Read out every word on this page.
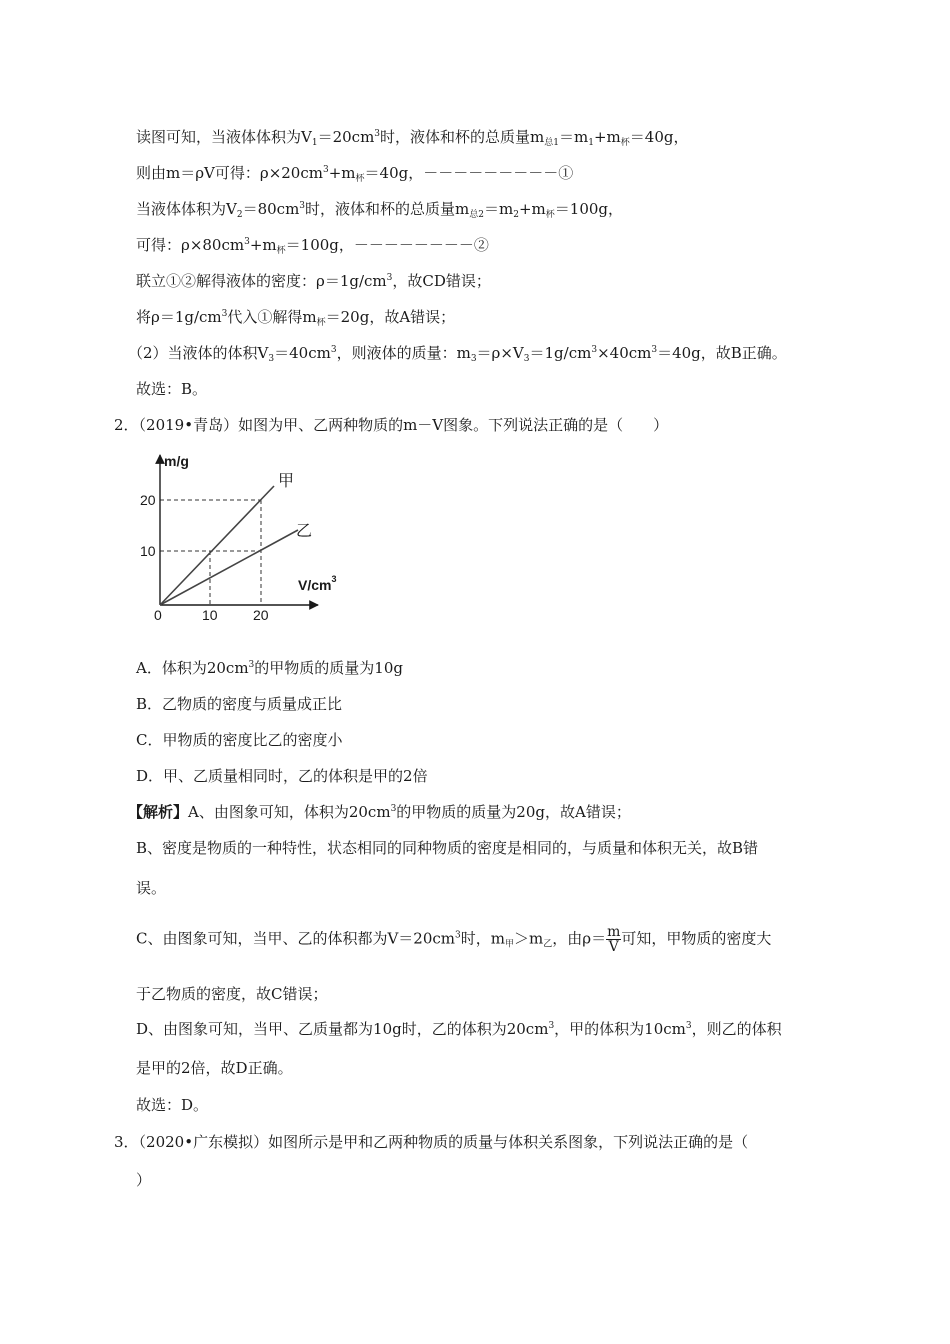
读图可知，当液体体积为$V_1=20cm^3$时，液体和杯的总质量$m_{总1}=m_1+m_杯=40g$，
则由m＝ρV可得：$\rho\times 20cm^3+m_杯=40g$，－－－－－－－－－①
当液体体积为$V_2=80cm^3$时，液体和杯的总质量$m_{总2}=m_2+m_杯=100g$，
可得：$\rho\times 80cm^3+m_杯=100g$，－－－－－－－－②
联立①②解得液体的密度：$\rho=1g/cm^3$，故CD错误；
将$\rho=1g/cm^3$代入①解得$m_杯=20g$，故A错误；
（2）当液体的体积$V_3=40cm^3$，则液体的质量：$m_3=\rho\times V_3=1g/cm^3\times 40cm^3=40g$，故B正确。
故选：B。
2．（2019•青岛）如图为甲、乙两种物质的m－V图象。下列说法正确的是（　　）
m/g
$V/cm^3$
0	10	20
20
10
甲
乙
A．体积为$20cm^3$的甲物质的质量为10g
B．乙物质的密度与质量成正比
C．甲物质的密度比乙的密度小
D．甲、乙质量相同时，乙的体积是甲的2倍
【解析】A、由图象可知，体积为$20cm^3$的甲物质的质量为20g，故A错误；
B、密度是物质的一种特性，状态相同的同种物质的密度是相同的，与质量和体积无关，故B错
误。
C、由图象可知，当甲、乙的体积都为$V=20cm^3$时，$m_甲>m_乙$，由$\rho= \frac{m}{V}$ 可知，甲物质的密度大
于乙物质的密度，故C错误；
D、由图象可知，当甲、乙质量都为10g时，乙的体积为$20cm^3$，甲的体积为$10cm^3$，则乙的体积
是甲的2倍，故D正确。
故选：D。
3．（2020•广东模拟）如图所示是甲和乙两种物质的质量与体积关系图象，下列说法正确的是（
）
